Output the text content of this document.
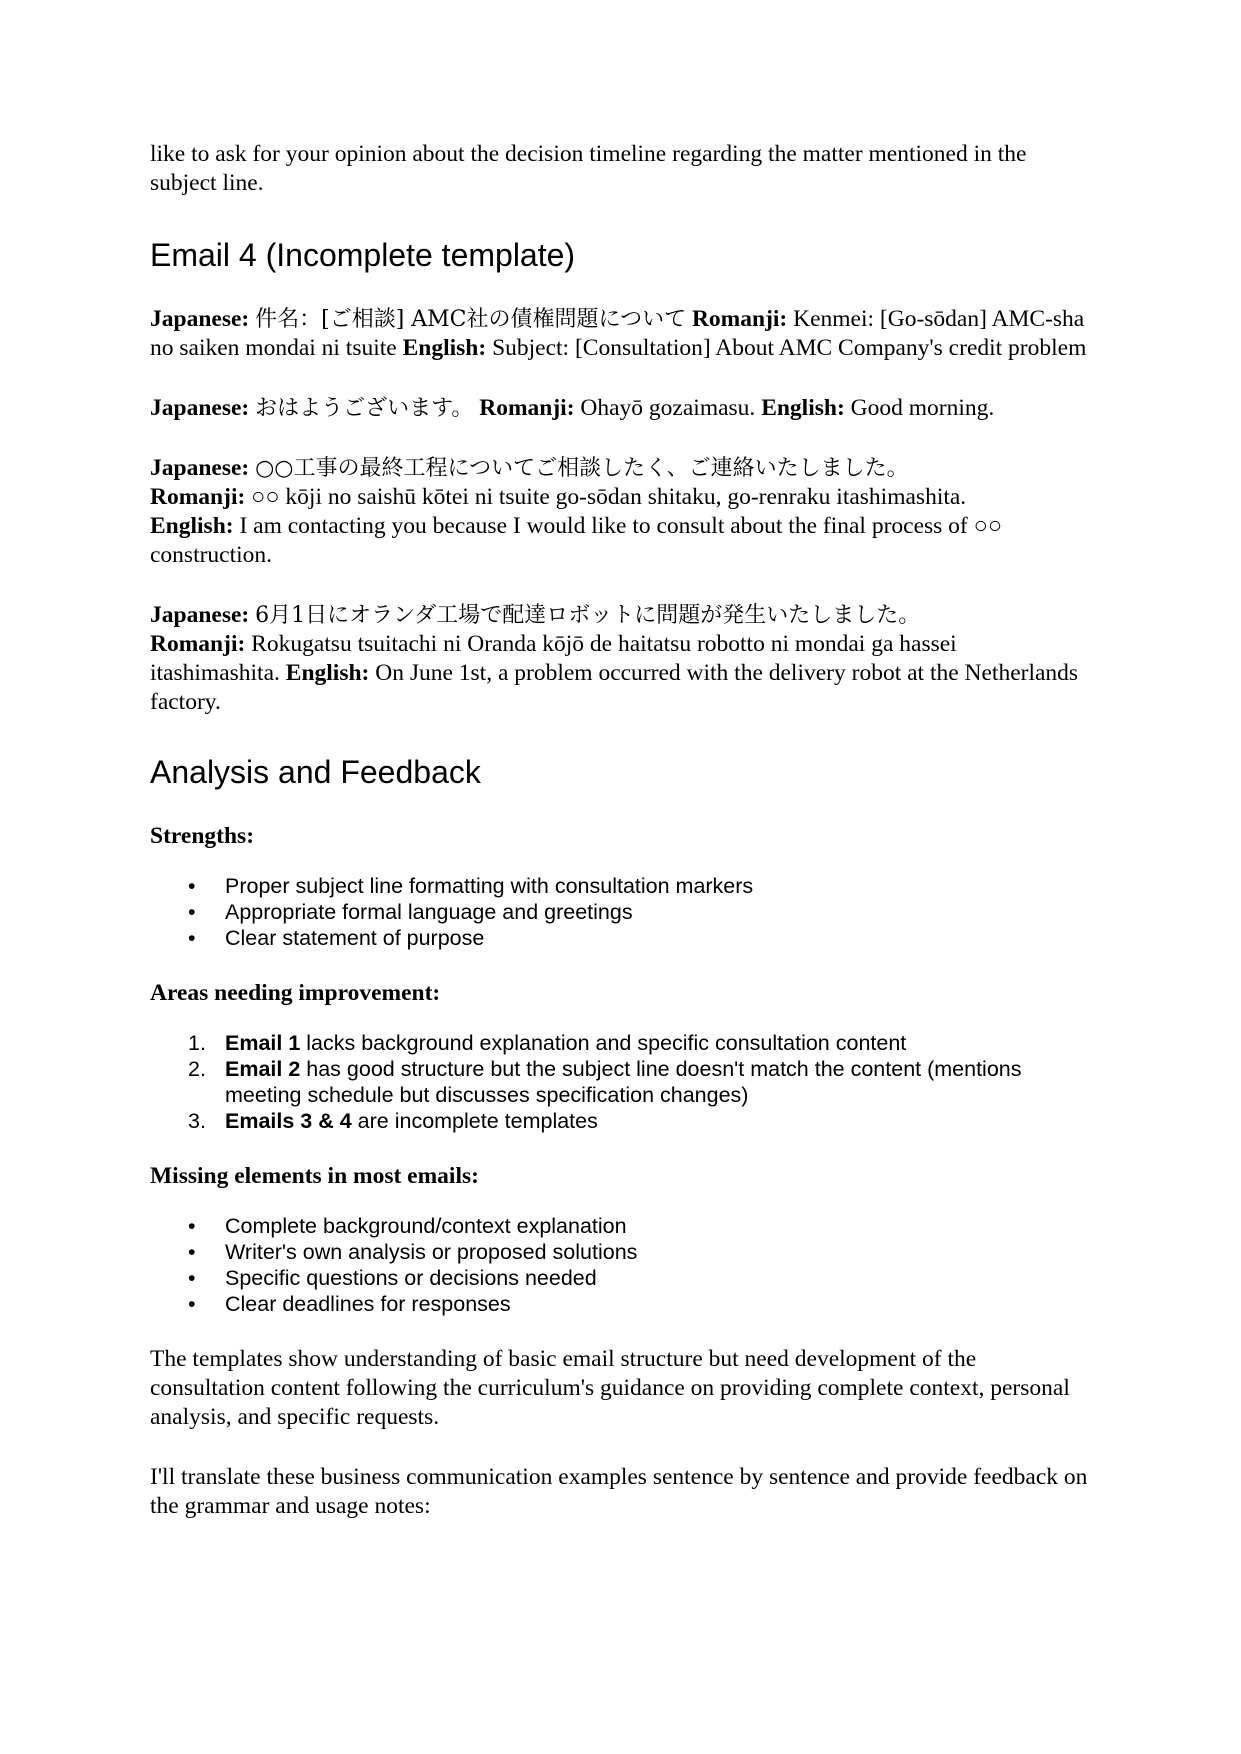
like to ask for your opinion about the decision timeline regarding the matter mentioned in the subject line.

Email 4 (Incomplete template)

Japanese: 件名：[ご相談] AMC社の債権問題について Romanji: Kenmei: [Go-sōdan] AMC-sha no saiken mondai ni tsuite English: Subject: [Consultation] About AMC Company's credit problem

Japanese: おはようございます。 Romanji: Ohayō gozaimasu. English: Good morning.

Japanese: ○○工事の最終工程についてご相談したく、ご連絡いたしました。
Romanji: ○○ kōji no saishū kōtei ni tsuite go-sōdan shitaku, go-renraku itashimashita.
English: I am contacting you because I would like to consult about the final process of ○○ construction.

Japanese: 6月1日にオランダ工場で配達ロボットに問題が発生いたしました。
Romanji: Rokugatsu tsuitachi ni Oranda kōjō de haitatsu robotto ni mondai ga hassei itashimashita. English: On June 1st, a problem occurred with the delivery robot at the Netherlands factory.

Analysis and Feedback
Strengths:
• Proper subject line formatting with consultation markers
• Appropriate formal language and greetings
• Clear statement of purpose
Areas needing improvement:
1. Email 1 lacks background explanation and specific consultation content
2. Email 2 has good structure but the subject line doesn't match the content (mentions meeting schedule but discusses specification changes)
3. Emails 3 & 4 are incomplete templates
Missing elements in most emails:
• Complete background/context explanation
• Writer's own analysis or proposed solutions
• Specific questions or decisions needed
• Clear deadlines for responses

The templates show understanding of basic email structure but need development of the consultation content following the curriculum's guidance on providing complete context, personal analysis, and specific requests.

I'll translate these business communication examples sentence by sentence and provide feedback on the grammar and usage notes:
